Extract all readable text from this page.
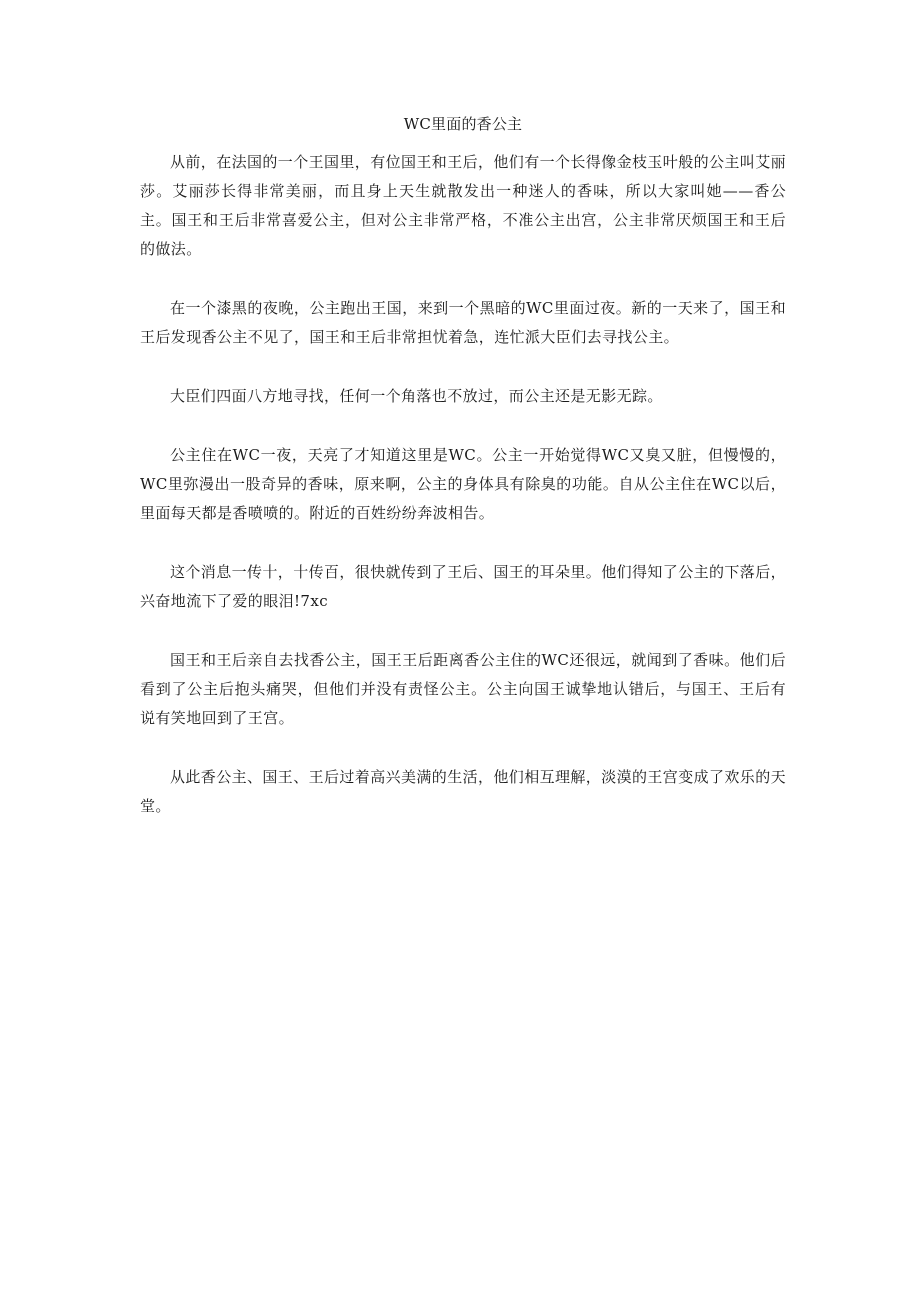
WC里面的香公主

从前，在法国的一个王国里，有位国王和王后，他们有一个长得像金枝玉叶般的公主叫艾丽莎。艾丽莎长得非常美丽，而且身上天生就散发出一种迷人的香味，所以大家叫她——香公主。国王和王后非常喜爱公主，但对公主非常严格，不准公主出宫，公主非常厌烦国王和王后的做法。

在一个漆黑的夜晚，公主跑出王国，来到一个黑暗的WC里面过夜。新的一天来了，国王和王后发现香公主不见了，国王和王后非常担忧着急，连忙派大臣们去寻找公主。

大臣们四面八方地寻找，任何一个角落也不放过，而公主还是无影无踪。

公主住在WC一夜，天亮了才知道这里是WC。公主一开始觉得WC又臭又脏，但慢慢的，WC里弥漫出一股奇异的香味，原来啊，公主的身体具有除臭的功能。自从公主住在WC以后，里面每天都是香喷喷的。附近的百姓纷纷奔波相告。

这个消息一传十，十传百，很快就传到了王后、国王的耳朵里。他们得知了公主的下落后，兴奋地流下了爱的眼泪!7xc

国王和王后亲自去找香公主，国王王后距离香公主住的WC还很远，就闻到了香味。他们后看到了公主后抱头痛哭，但他们并没有责怪公主。公主向国王诚挚地认错后，与国王、王后有说有笑地回到了王宫。

从此香公主、国王、王后过着高兴美满的生活，他们相互理解，淡漠的王宫变成了欢乐的天堂。
